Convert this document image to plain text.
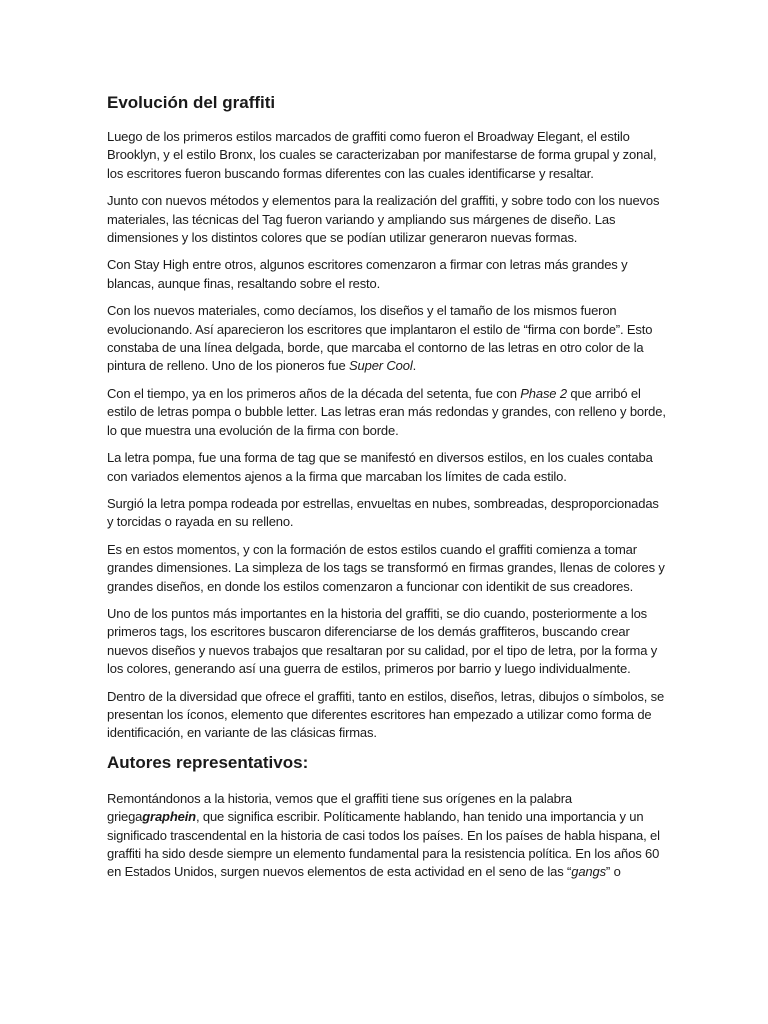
Evolución del graffiti

Luego de los primeros estilos marcados de graffiti como fueron el Broadway Elegant, el estilo Brooklyn, y el estilo Bronx, los cuales se caracterizaban por manifestarse de forma grupal y zonal, los escritores fueron buscando formas diferentes con las cuales identificarse y resaltar.

Junto con nuevos métodos y elementos para la realización del graffiti, y sobre todo con los nuevos materiales, las técnicas del Tag fueron variando y ampliando sus márgenes de diseño. Las dimensiones y los distintos colores que se podían utilizar generaron nuevas formas.

Con Stay High entre otros, algunos escritores comenzaron a firmar con letras más grandes y blancas, aunque finas, resaltando sobre el resto.

Con los nuevos materiales, como decíamos, los diseños y el tamaño de los mismos fueron evolucionando. Así aparecieron los escritores que implantaron el estilo de “firma con borde”. Esto constaba de una línea delgada, borde, que marcaba el contorno de las letras en otro color de la pintura de relleno. Uno de los pioneros fue Super Cool.

Con el tiempo, ya en los primeros años de la década del setenta, fue con Phase 2 que arribó el estilo de letras pompa o bubble letter. Las letras eran más redondas y grandes, con relleno y borde, lo que muestra una evolución de la firma con borde.

La letra pompa, fue una forma de tag que se manifestó en diversos estilos, en los cuales contaba con variados elementos ajenos a la firma que marcaban los límites de cada estilo.

Surgió la letra pompa rodeada por estrellas, envueltas en nubes, sombreadas, desproporcionadas y torcidas o rayada en su relleno.

Es en estos momentos, y con la formación de estos estilos cuando el graffiti comienza a tomar grandes dimensiones. La simpleza de los tags se transformó en firmas grandes, llenas de colores y grandes diseños, en donde los estilos comenzaron a funcionar con identikit de sus creadores.

Uno de los puntos más importantes en la historia del graffiti, se dio cuando, posteriormente a los primeros tags, los escritores buscaron diferenciarse de los demás graffiteros, buscando crear nuevos diseños y nuevos trabajos que resaltaran por su calidad, por el tipo de letra, por la forma y los colores, generando así una guerra de estilos, primeros por barrio y luego individualmente.

Dentro de la diversidad que ofrece el graffiti, tanto en estilos, diseños, letras, dibujos o símbolos, se presentan los íconos, elemento que diferentes escritores han empezado a utilizar como forma de identificación, en variante de las clásicas firmas.

Autores representativos:

Remontándonos a la historia, vemos que el graffiti tiene sus orígenes en la palabra griegagraphein, que significa escribir. Políticamente hablando, han tenido una importancia y un significado trascendental en la historia de casi todos los países. En los países de habla hispana, el graffiti ha sido desde siempre un elemento fundamental para la resistencia política. En los años 60 en Estados Unidos, surgen nuevos elementos de esta actividad en el seno de las “gangs” o
